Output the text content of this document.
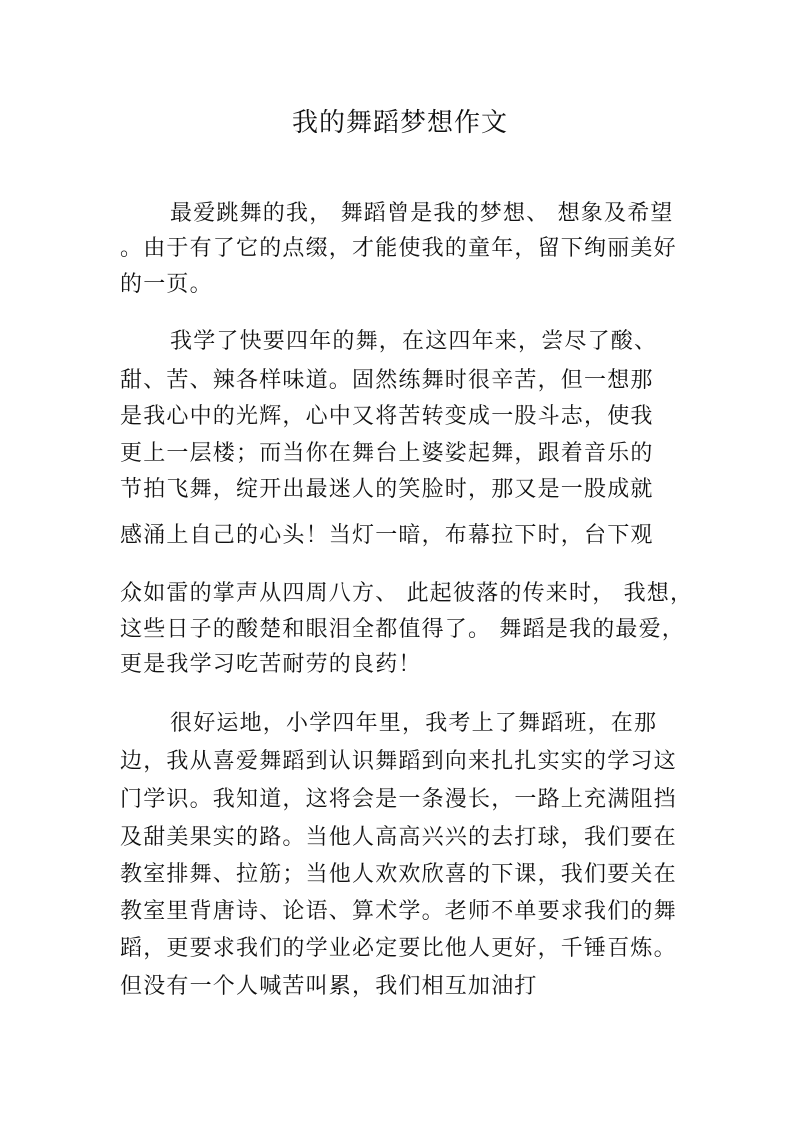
我的舞蹈梦想作文
最爱跳舞的我， 舞蹈曾是我的梦想、 想象及希望
。由于有了它的点缀，才能使我的童年，留下绚丽美好
的一页。
我学了快要四年的舞，在这四年来，尝尽了酸、
甜、苦、辣各样味道。固然练舞时很辛苦，但一想那
是我心中的光辉，心中又将苦转变成一股斗志，使我
更上一层楼；而当你在舞台上婆娑起舞，跟着音乐的
节拍飞舞，绽开出最迷人的笑脸时，那又是一股成就
感涌上自己的心头！当灯一暗，布幕拉下时，台下观
众如雷的掌声从四周八方、 此起彼落的传来时， 我想，
这些日子的酸楚和眼泪全都值得了。 舞蹈是我的最爱，
更是我学习吃苦耐劳的良药！
很好运地，小学四年里，我考上了舞蹈班，在那
边，我从喜爱舞蹈到认识舞蹈到向来扎扎实实的学习这
门学识。我知道，这将会是一条漫长，一路上充满阻挡
及甜美果实的路。当他人高高兴兴的去打球，我们要在
教室排舞、拉筋；当他人欢欢欣喜的下课，我们要关在
教室里背唐诗、论语、算术学。老师不单要求我们的舞
蹈，更要求我们的学业必定要比他人更好，千锤百炼。
但没有一个人喊苦叫累，我们相互加油打
